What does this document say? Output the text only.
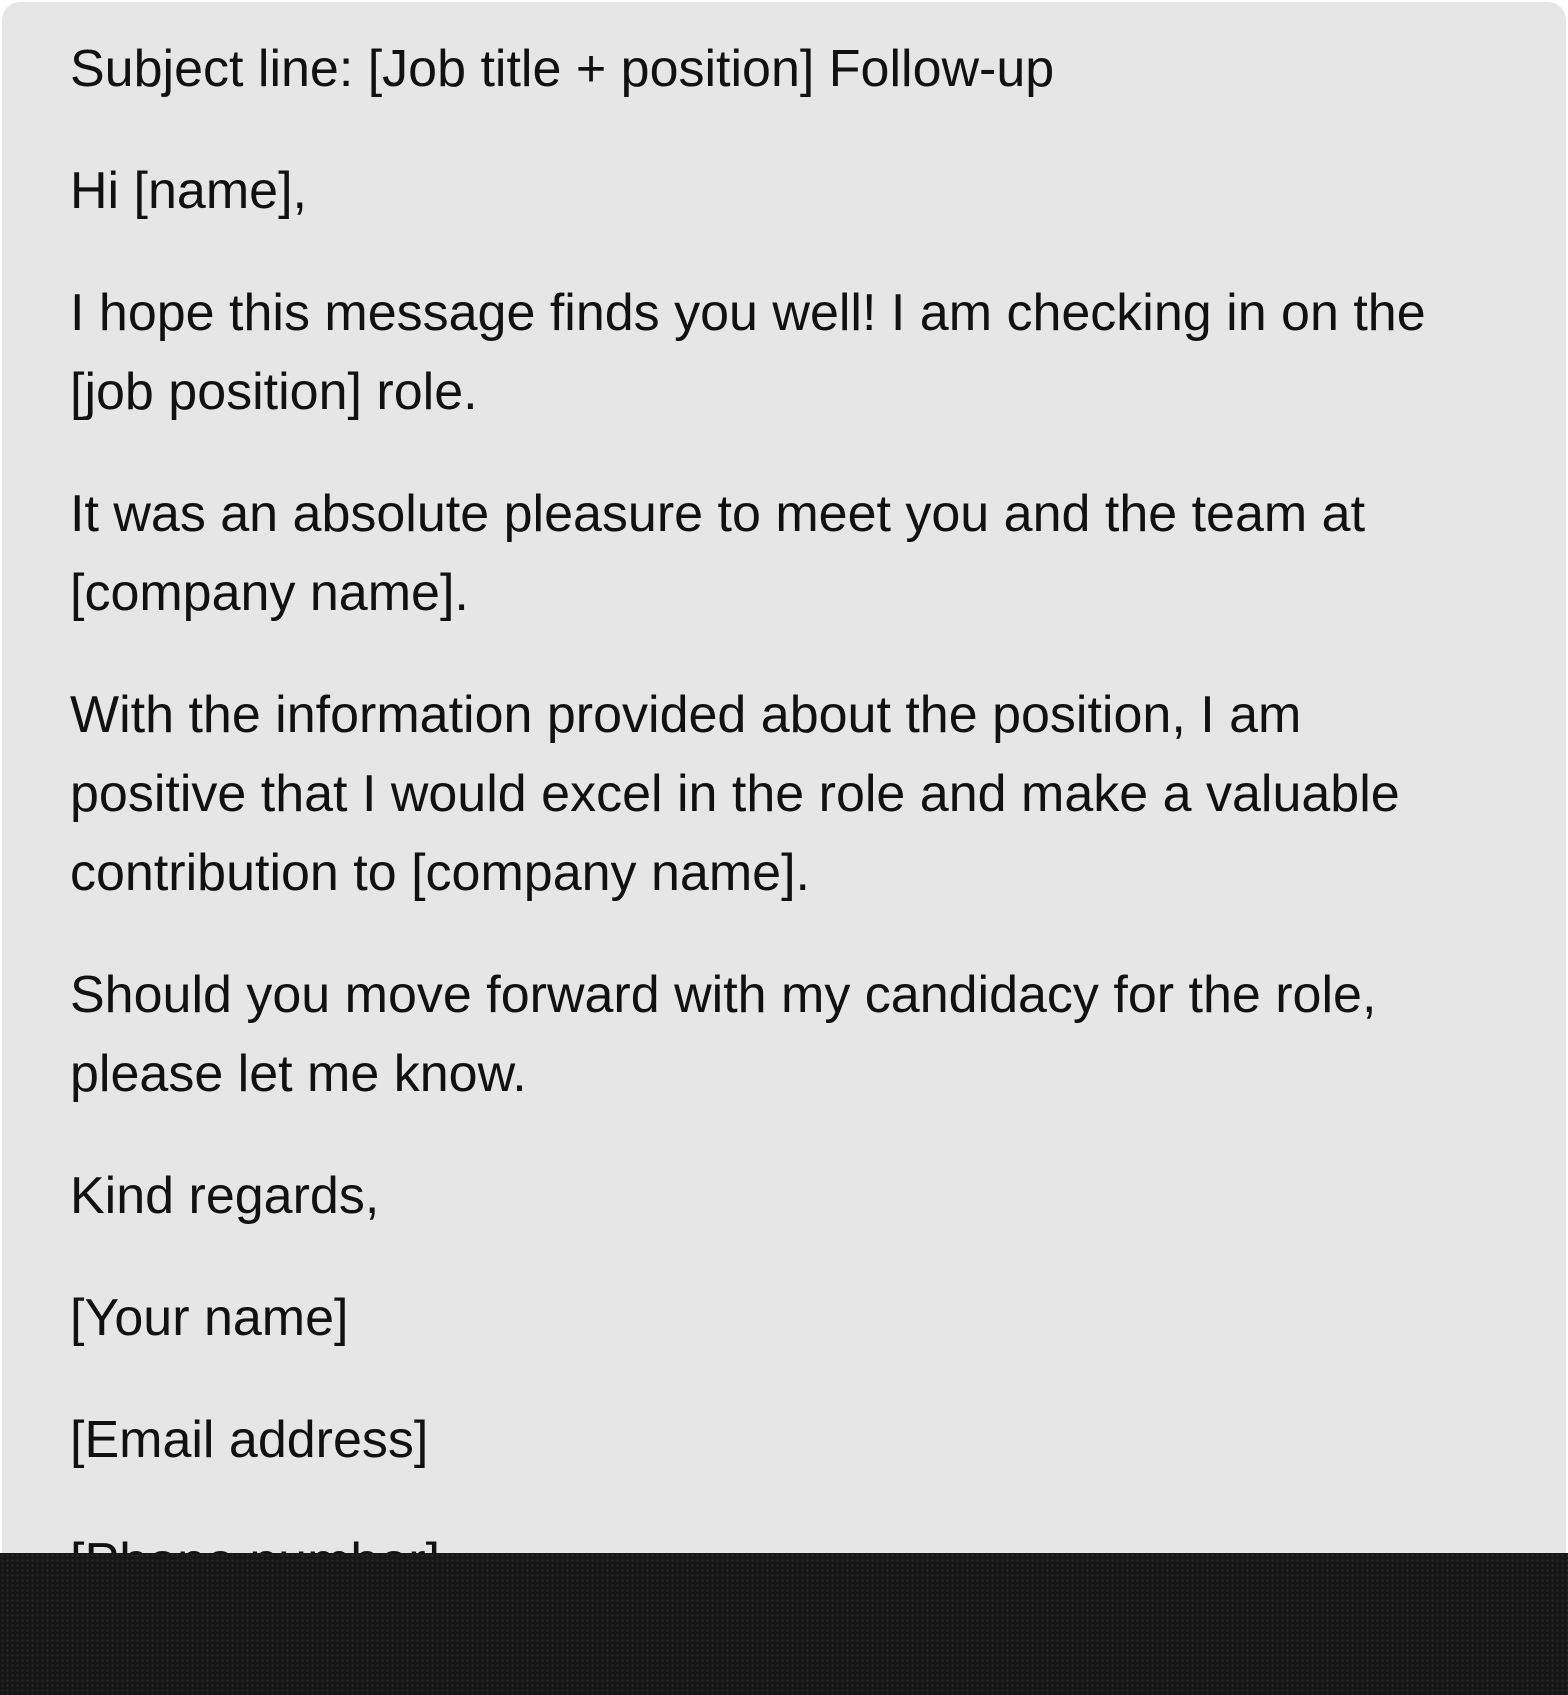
Subject line: [Job title + position] Follow-up

Hi [name],

I hope this message finds you well! I am checking in on the
[job position] role.

It was an absolute pleasure to meet you and the team at
[company name].

With the information provided about the position, I am
positive that I would excel in the role and make a valuable
contribution to [company name].

Should you move forward with my candidacy for the role,
please let me know.

Kind regards,

[Your name]

[Email address]
